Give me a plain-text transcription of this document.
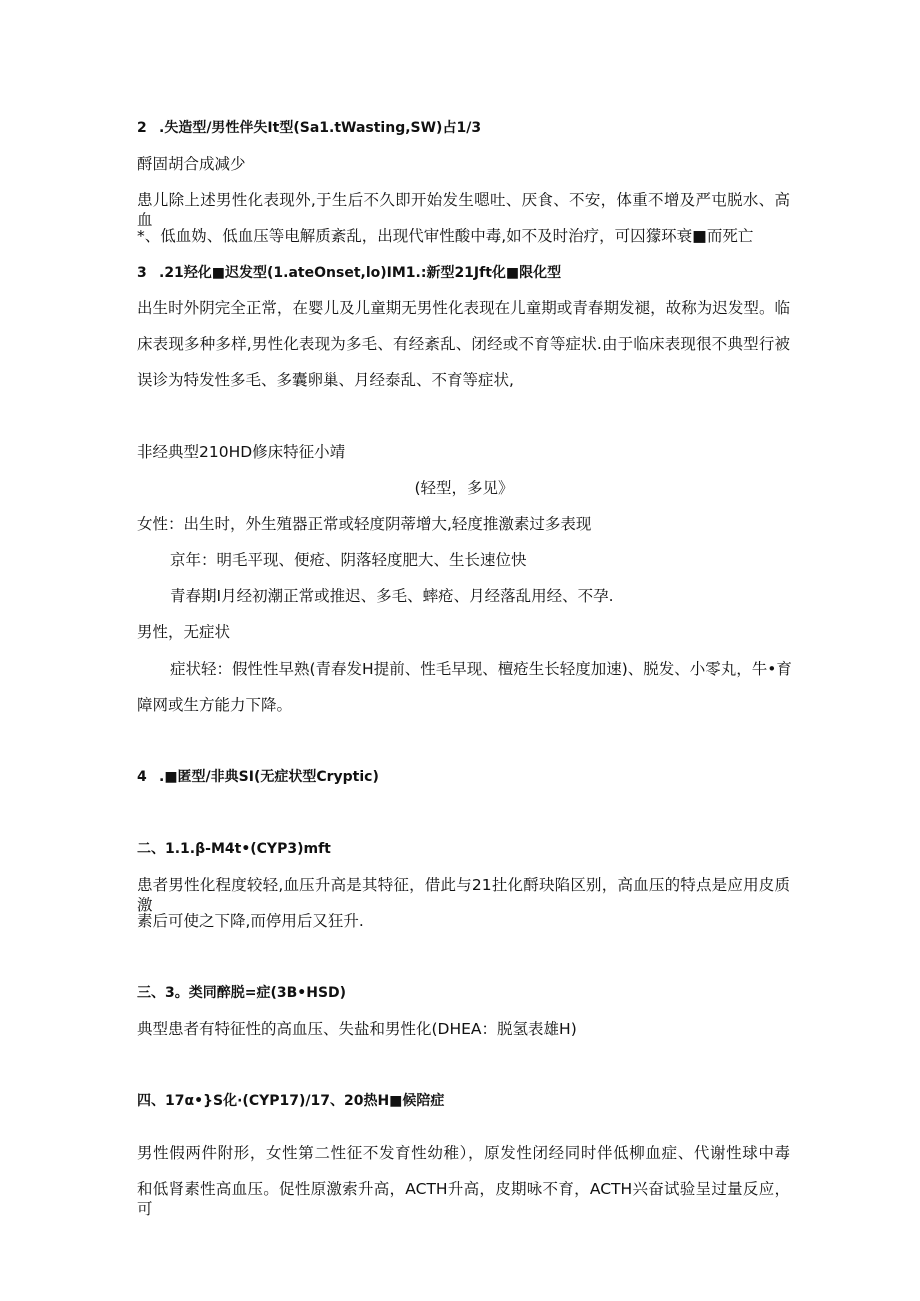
2 .失造型/男性伴失It型(Sa1.tWasting,SW)占1/3
酹固胡合成减少
患儿除上述男性化表现外,于生后不久即开始发生嗯吐、厌食、不安，体重不增及严屯脱水、高血
*、低血妫、低血压等电解质紊乱，出现代审性酸中毒,如不及时治疗，可囚獴环衰■而死亡
3 .21羟化■迟发型(1.ateOnset,lo)IM1.:新型21Jft化■限化型
出生时外阴完全正常，在婴儿及儿童期无男性化表现在儿童期或青春期发褪，故称为迟发型。临
床表现多种多样,男性化表现为多毛、有经紊乱、闭经或不育等症状.由于临床表现很不典型行被
误诊为特发性多毛、多囊卵巢、月经泰乱、不育等症状,
非经典型210HD修床特征小靖
(轻型，多见》
女性：出生时，外生殖器正常或轻度阴蒂增大,轻度推激素过多表现
京年：明毛平现、便疮、阴落轻度肥大、生长速位快
青春期I月经初潮正常或推迟、多毛、蟀疮、月经落乱用经、不孕.
男性，无症状
症状轻：假性性早熟(青春发H提前、性毛早现、檀疮生长轻度加速)、脱发、小零丸，牛•育
障网或生方能力下降。
4 .■匿型/非典SI(无症状型Cryptic)
二、1.1.β-M4t•(CYP3)mft
患者男性化程度较轻,血压升高是其特征，借此与21扗化酹玦陷区别，高血压的特点是应用皮质激
素后可使之下降,而停用后又狂升.
三、3。类同醉脱=症(3B•HSD)
典型患者有特征性的高血压、失盐和男性化(DHEA：脱氢表雄H)
四、17α•}S化·(CYP17)/17、20热H■候陪症
男性假两件附形，女性第二性征不发育性幼稚），原发性闭经同时伴低柳血症、代谢性球中毒
和低肾素性高血压。促性原激索升高，ACTH升高，皮期咏不育，ACTH兴奋试验呈过量反应，可
